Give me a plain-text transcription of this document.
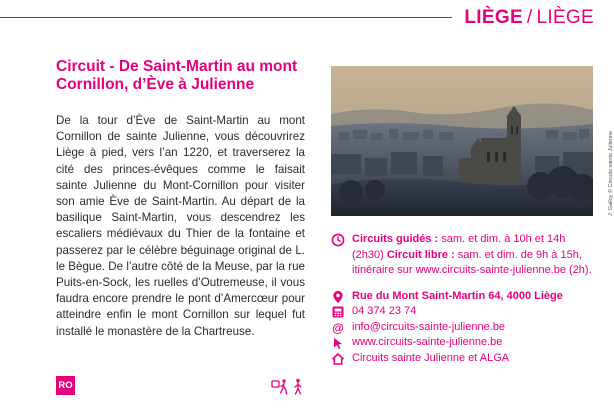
LIÈGE / LIÈGE
Circuit - De Saint-Martin au mont Cornillon, d’Ève à Julienne

De la tour d’Ève de Saint-Martin au mont Cornillon de sainte Julienne, vous découvrirez Liège à pied, vers l’an 1220, et traverserez la cité des princes-évêques comme le faisait sainte Julienne du Mont-Cornillon pour visiter son amie Ève de Saint-Martin. Au départ de la basilique Saint-Martin, vous descendrez les escaliers médiévaux du Thier de la fontaine et passerez par le célèbre béguinage original de L. le Bègue. De l’autre côté de la Meuse, par la rue Puits-en-Sock, les ruelles d’Outremeuse, il vous faudra encore prendre le pont d’Amercœur pour atteindre enfin le mont Cornillon sur lequel fut installé le monastère de la Chartreuse.

J. Galloy © Circuits sainte Julienne
Circuits guidés : sam. et dim. à 10h et 14h (2h30) Circuit libre : sam. et dim. de 9h à 15h, itinéraire sur www.circuits-sainte-julienne.be (2h).
Rue du Mont Saint-Martin 64, 4000 Liège
04 374 23 74
@ info@circuits-sainte-julienne.be
www.circuits-sainte-julienne.be
Circuits sainte Julienne et ALGA
RO
